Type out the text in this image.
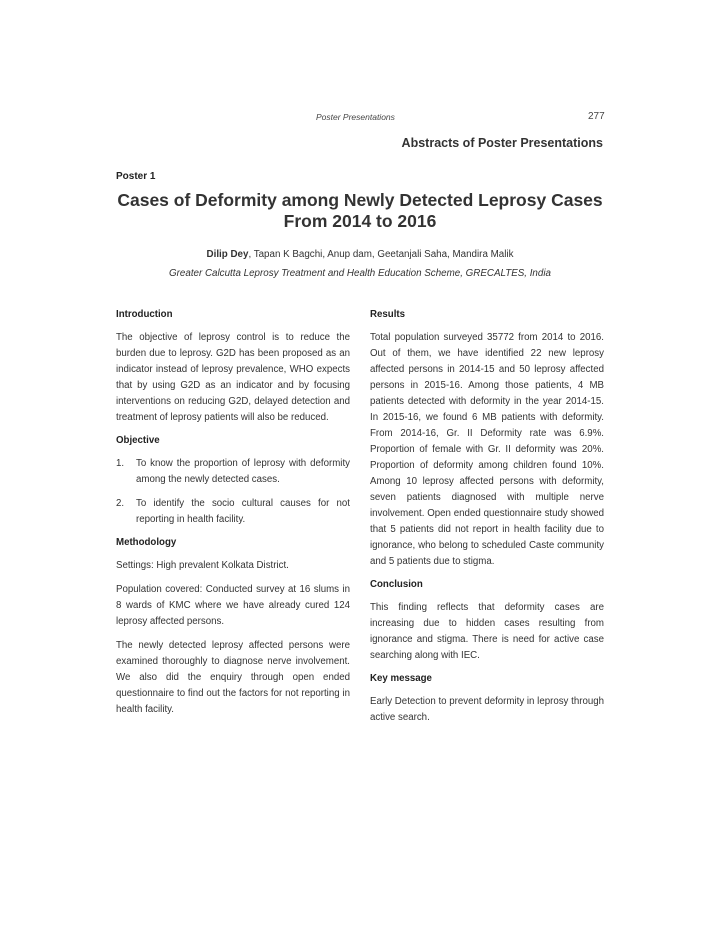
Poster Presentations	277
Abstracts of Poster Presentations
Poster 1
Cases of Deformity among Newly Detected Leprosy Cases From 2014 to 2016
Dilip Dey, Tapan K Bagchi, Anup dam, Geetanjali Saha, Mandira Malik
Greater Calcutta Leprosy Treatment and Health Education Scheme, GRECALTES, India
Introduction

The objective of leprosy control is to reduce the burden due to leprosy. G2D has been proposed as an indicator instead of leprosy prevalence, WHO expects that by using G2D as an indicator and by focusing interventions on reducing G2D, delayed detection and treatment of leprosy patients will also be reduced.

Objective
1. To know the proportion of leprosy with deformity among the newly detected cases.
2. To identify the socio cultural causes for not reporting in health facility.
Methodology

Settings: High prevalent Kolkata District.

Population covered: Conducted survey at 16 slums in 8 wards of KMC where we have already cured 124 leprosy affected persons.

The newly detected leprosy affected persons were examined thoroughly to diagnose nerve involvement. We also did the enquiry through open ended questionnaire to find out the factors for not reporting in health facility.

Results

Total population surveyed 35772 from 2014 to 2016. Out of them, we have identified 22 new leprosy affected persons in 2014-15 and 50 leprosy affected persons in 2015-16. Among those patients, 4 MB patients detected with deformity in the year 2014-15. In 2015-16, we found 6 MB patients with deformity. From 2014-16, Gr. II Deformity rate was 6.9%. Proportion of female with Gr. II deformity was 20%. Proportion of deformity among children found 10%. Among 10 leprosy affected persons with deformity, seven patients diagnosed with multiple nerve involvement. Open ended questionnaire study showed that 5 patients did not report in health facility due to ignorance, who belong to scheduled Caste community and 5 patients due to stigma.

Conclusion

This finding reflects that deformity cases are increasing due to hidden cases resulting from ignorance and stigma. There is need for active case searching along with IEC.

Key message

Early Detection to prevent deformity in leprosy through active search.
